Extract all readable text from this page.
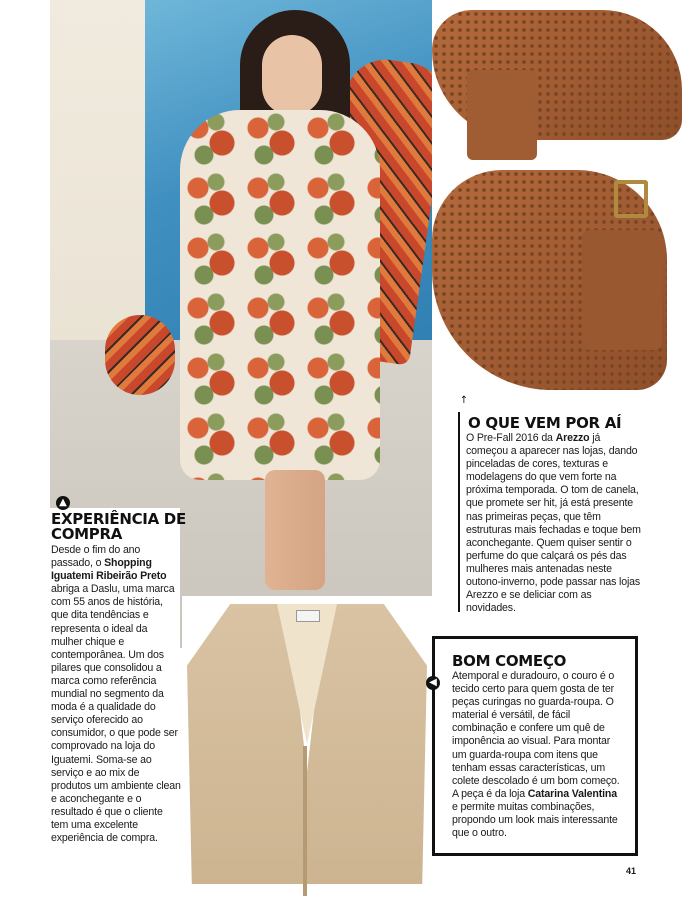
▲
EXPERIÊNCIA DE COMPRA
Desde o fim do ano passado, o Shopping Iguatemi Ribeirão Preto abriga a Daslu, uma marca com 55 anos de história, que dita tendências e representa o ideal da mulher chique e contemporânea. Um dos pilares que consolidou a marca como referência mundial no segmento da moda é a qualidade do serviço oferecido ao consumidor, o que pode ser comprovado na loja do Iguatemi. Soma-se ao serviço e ao mix de produtos um ambiente clean e aconchegante e o resultado é que o cliente tem uma excelente experiência de compra.
↑
O QUE VEM POR AÍ
O Pre-Fall 2016 da Arezzo já começou a aparecer nas lojas, dando pinceladas de cores, texturas e modelagens do que vem forte na próxima temporada. O tom de canela, que promete ser hit, já está presente nas primeiras peças, que têm estruturas mais fechadas e toque bem aconchegante. Quem quiser sentir o perfume do que calçará os pés das mulheres mais antenadas neste outono-inverno, pode passar nas lojas Arezzo e se deliciar com as novidades.
◀
BOM COMEÇO
Atemporal e duradouro, o couro é o tecido certo para quem gosta de ter peças curingas no guarda-roupa. O material é versátil, de fácil combinação e confere um quê de imponência ao visual. Para montar um guarda-roupa com itens que tenham essas características, um colete descolado é um bom começo. A peça é da loja Catarina Valentina e permite muitas combinações, propondo um look mais interessante que o outro.
41
